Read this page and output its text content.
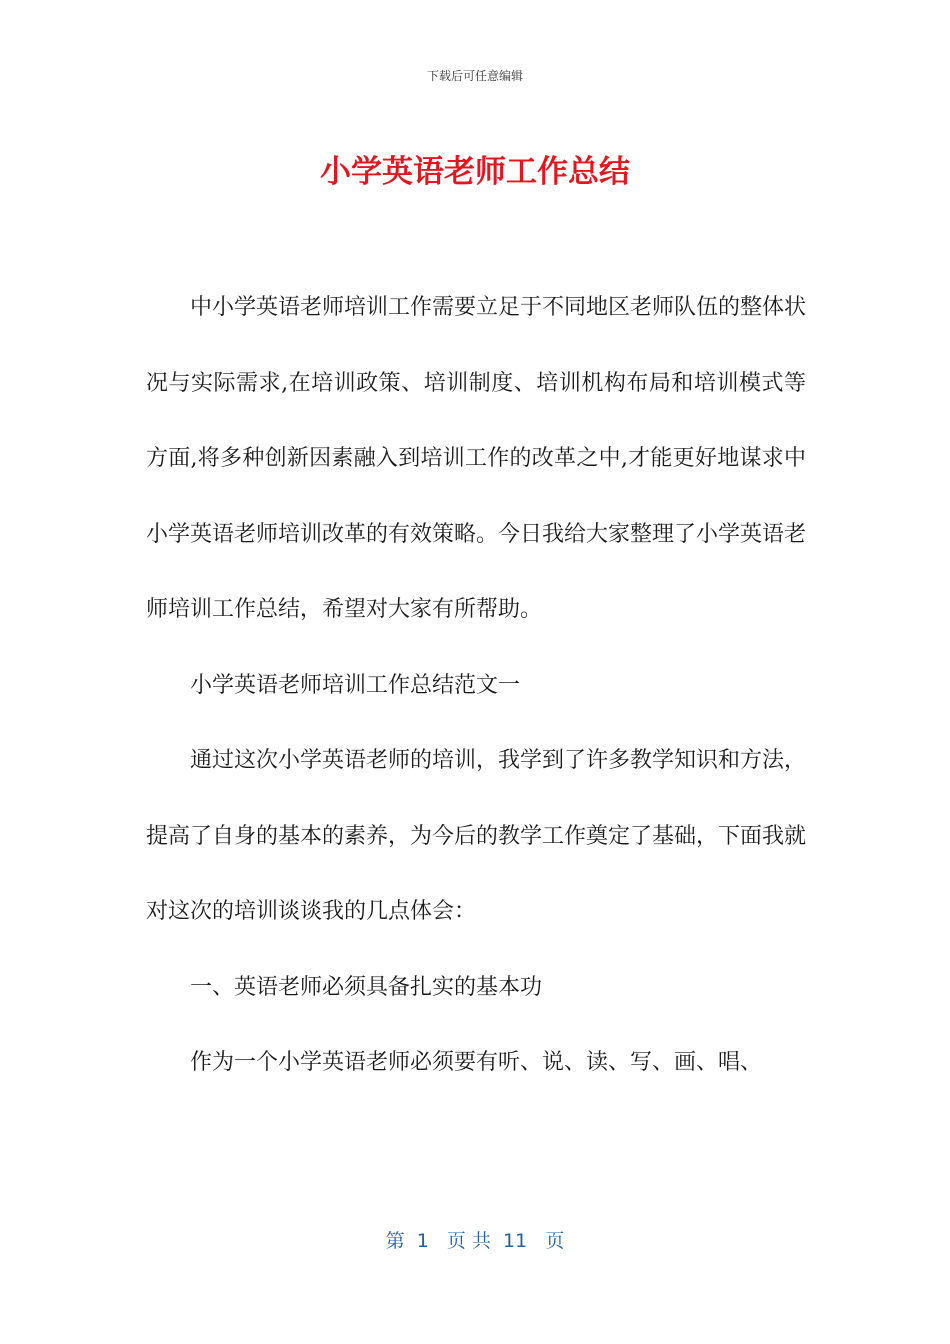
下载后可任意编辑
小学英语老师工作总结

中小学英语老师培训工作需要立足于不同地区老师队伍的整体状况与实际需求,在培训政策、培训制度、培训机构布局和培训模式等方面,将多种创新因素融入到培训工作的改革之中,才能更好地谋求中小学英语老师培训改革的有效策略。今日我给大家整理了小学英语老师培训工作总结，希望对大家有所帮助。

小学英语老师培训工作总结范文一

通过这次小学英语老师的培训，我学到了许多教学知识和方法，提高了自身的基本的素养，为今后的教学工作奠定了基础，下面我就对这次的培训谈谈我的几点体会：

一、英语老师必须具备扎实的基本功

作为一个小学英语老师必须要有听、说、读、写、画、唱、

第  1   页 共  11   页
